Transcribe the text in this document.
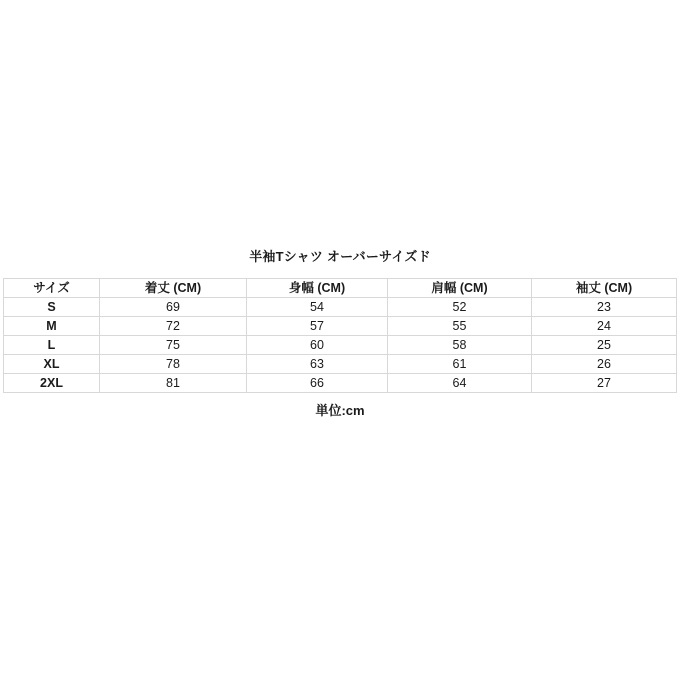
半袖Tシャツ オーバーサイズド
サイズ	着丈 (CM)	身幅 (CM)	肩幅 (CM)	袖丈 (CM)
S	69	54	52	23
M	72	57	55	24
L	75	60	58	25
XL	78	63	61	26
2XL	81	66	64	27
単位:cm
